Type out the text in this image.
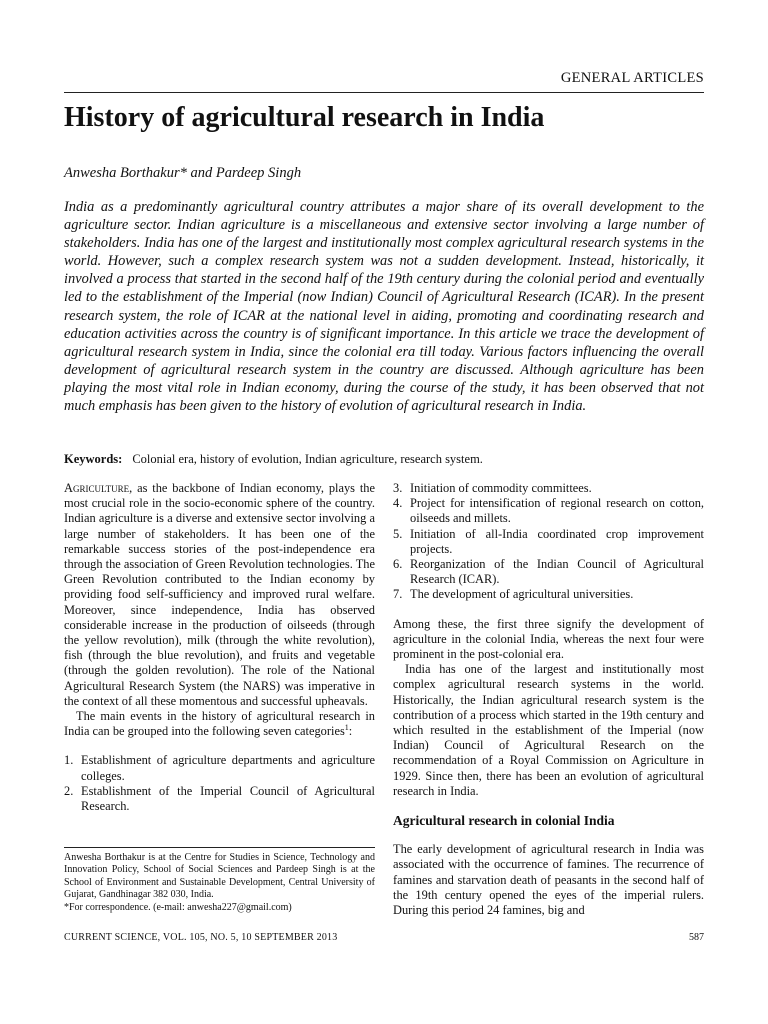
GENERAL ARTICLES
History of agricultural research in India
Anwesha Borthakur* and Pardeep Singh

India as a predominantly agricultural country attributes a major share of its overall development to the agriculture sector. Indian agriculture is a miscellaneous and extensive sector involving a large number of stakeholders. India has one of the largest and institutionally most complex agricultural research systems in the world. However, such a complex research system was not a sudden development. Instead, historically, it involved a process that started in the second half of the 19th century during the colonial period and eventually led to the establishment of the Imperial (now Indian) Council of Agricultural Research (ICAR). In the present research system, the role of ICAR at the national level in aiding, promoting and coordinating research and education activities across the country is of significant importance. In this article we trace the development of agricultural research system in India, since the colonial era till today. Various factors influencing the overall development of agricultural research system in the country are discussed. Although agriculture has been playing the most vital role in Indian economy, during the course of the study, it has been observed that not much emphasis has been given to the history of evolution of agricultural research in India.

Keywords: Colonial era, history of evolution, Indian agriculture, research system.

Agriculture, as the backbone of Indian economy, plays the most crucial role in the socio-economic sphere of the country. Indian agriculture is a diverse and extensive sector involving a large number of stakeholders. It has been one of the remarkable success stories of the post-independence era through the association of Green Revolution technologies. The Green Revolution contributed to the Indian economy by providing food self-sufficiency and improved rural welfare. Moreover, since independence, India has observed considerable increase in the production of oilseeds (through the yellow revolution), milk (through the white revolution), fish (through the blue revolution), and fruits and vegetable (through the golden revolution). The role of the National Agricultural Research System (the NARS) was imperative in the context of all these momentous and successful upheavals.

The main events in the history of agricultural research in India can be grouped into the following seven categories$^1$:

1. Establishment of agriculture departments and agriculture colleges.
2. Establishment of the Imperial Council of Agricultural Research.

Anwesha Borthakur is at the Centre for Studies in Science, Technology and Innovation Policy, School of Social Sciences and Pardeep Singh is at the School of Environment and Sustainable Development, Central University of Gujarat, Gandhinagar 382 030, India.

*For correspondence. (e-mail: anwesha227@gmail.com)

3. Initiation of commodity committees.
4. Project for intensification of regional research on cotton, oilseeds and millets.
5. Initiation of all-India coordinated crop improvement projects.
6. Reorganization of the Indian Council of Agricultural Research (ICAR).
7. The development of agricultural universities.

Among these, the first three signify the development of agriculture in the colonial India, whereas the next four were prominent in the post-colonial era.

India has one of the largest and institutionally most complex agricultural research systems in the world. Historically, the Indian agricultural research system is the contribution of a process which started in the 19th century and which resulted in the establishment of the Imperial (now Indian) Council of Agricultural Research on the recommendation of a Royal Commission on Agriculture in 1929. Since then, there has been an evolution of agricultural research in India.

Agricultural research in colonial India

The early development of agricultural research in India was associated with the occurrence of famines. The recurrence of famines and starvation death of peasants in the second half of the 19th century opened the eyes of the imperial rulers. During this period 24 famines, big and

CURRENT SCIENCE, VOL. 105, NO. 5, 10 SEPTEMBER 2013	587
